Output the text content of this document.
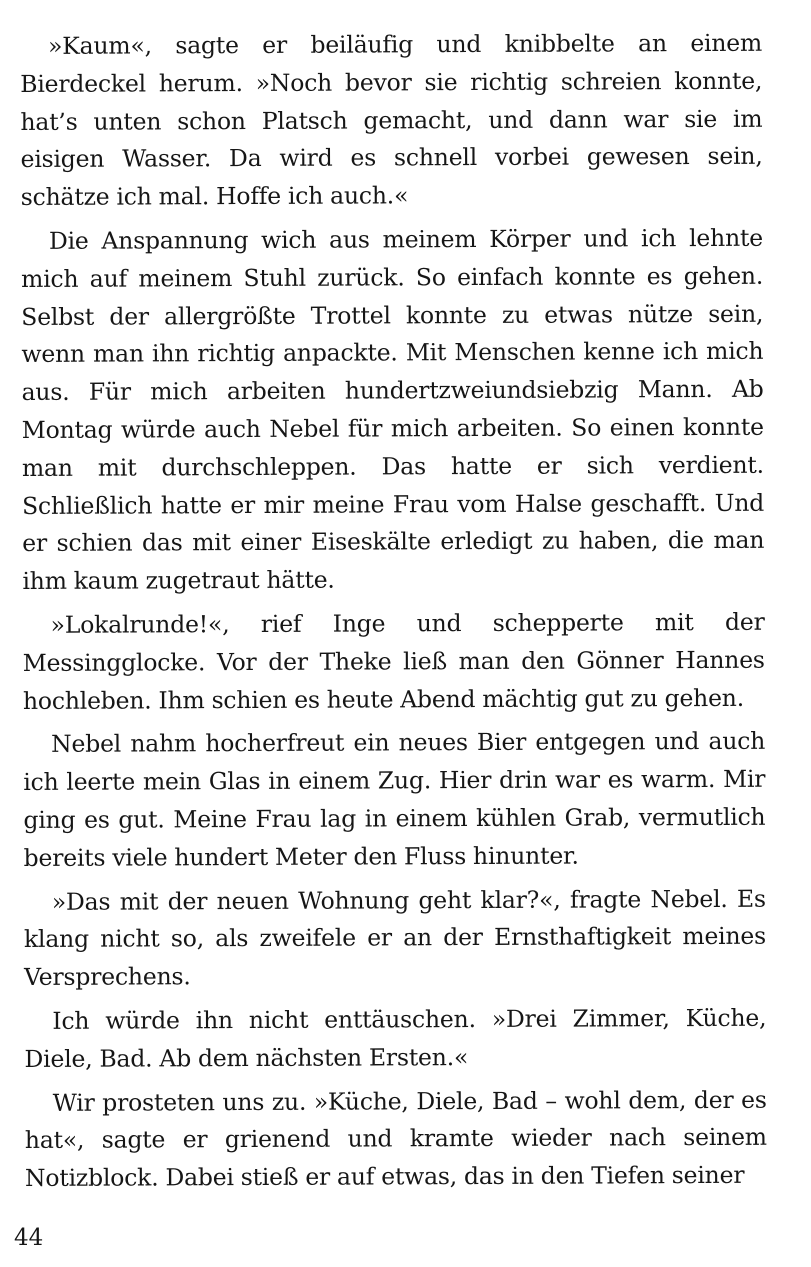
»Kaum«, sagte er beiläufig und knibbelte an einem Bierdeckel herum. »Noch bevor sie richtig schreien konnte, hat’s unten schon Platsch gemacht, und dann war sie im eisigen Wasser. Da wird es schnell vorbei gewesen sein, schätze ich mal. Hoffe ich auch.«

Die Anspannung wich aus meinem Körper und ich lehnte mich auf meinem Stuhl zurück. So einfach konnte es gehen. Selbst der allergrößte Trottel konnte zu etwas nütze sein, wenn man ihn richtig anpackte. Mit Menschen kenne ich mich aus. Für mich arbeiten hundertzweiundsiebzig Mann. Ab Montag würde auch Nebel für mich arbeiten. So einen konnte man mit durchschleppen. Das hatte er sich verdient. Schließlich hatte er mir meine Frau vom Halse geschafft. Und er schien das mit einer Eiseskälte erledigt zu haben, die man ihm kaum zugetraut hätte.

»Lokalrunde!«, rief Inge und schepperte mit der Messingglocke. Vor der Theke ließ man den Gönner Hannes hochleben. Ihm schien es heute Abend mächtig gut zu gehen.

Nebel nahm hocherfreut ein neues Bier entgegen und auch ich leerte mein Glas in einem Zug. Hier drin war es warm. Mir ging es gut. Meine Frau lag in einem kühlen Grab, vermutlich bereits viele hundert Meter den Fluss hinunter.

»Das mit der neuen Wohnung geht klar?«, fragte Nebel. Es klang nicht so, als zweifele er an der Ernsthaftigkeit meines Versprechens.

Ich würde ihn nicht enttäuschen. »Drei Zimmer, Küche, Diele, Bad. Ab dem nächsten Ersten.«

Wir prosteten uns zu. »Küche, Diele, Bad – wohl dem, der es hat«, sagte er grienend und kramte wieder nach seinem Notizblock. Dabei stieß er auf etwas, das in den Tiefen seiner

44
